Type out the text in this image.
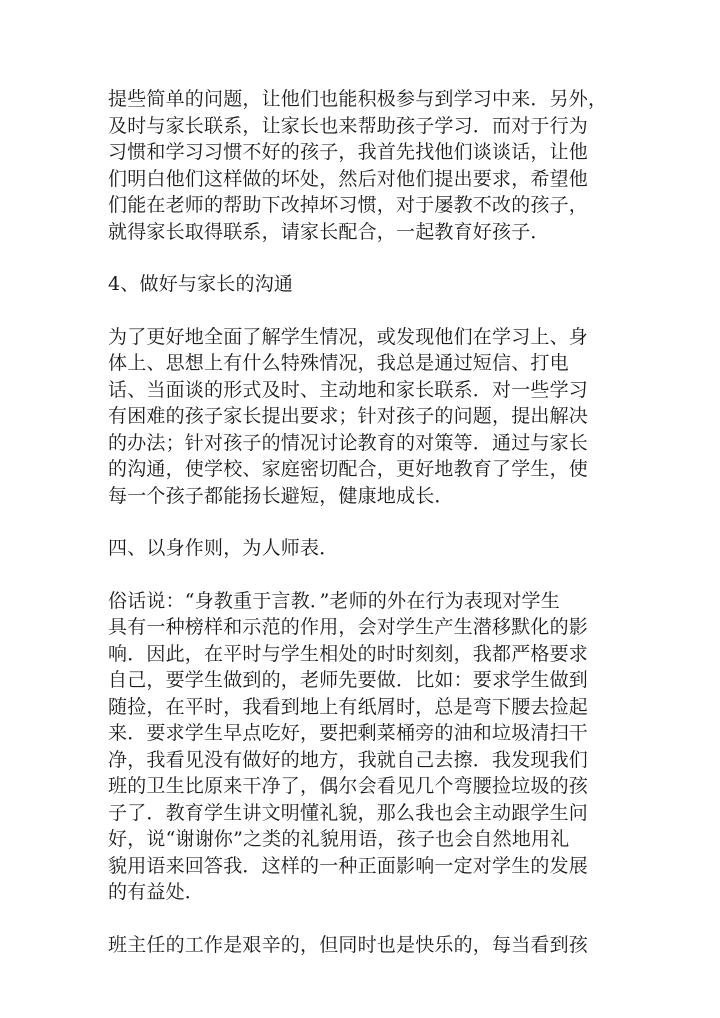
提些简单的问题，让他们也能积极参与到学习中来．另外，
及时与家长联系，让家长也来帮助孩子学习．而对于行为
习惯和学习习惯不好的孩子，我首先找他们谈谈话，让他
们明白他们这样做的坏处，然后对他们提出要求，希望他
们能在老师的帮助下改掉坏习惯，对于屡教不改的孩子，
就得家长取得联系，请家长配合，一起教育好孩子．

4、做好与家长的沟通

为了更好地全面了解学生情况，或发现他们在学习上、身
体上、思想上有什么特殊情况，我总是通过短信、打电
话、当面谈的形式及时、主动地和家长联系．对一些学习
有困难的孩子家长提出要求；针对孩子的问题，提出解决
的办法；针对孩子的情况讨论教育的对策等．通过与家长
的沟通，使学校、家庭密切配合，更好地教育了学生，使
每一个孩子都能扬长避短，健康地成长．

四、以身作则，为人师表．

俗话说：“身教重于言教．”老师的外在行为表现对学生
具有一种榜样和示范的作用，会对学生产生潜移默化的影
响．因此，在平时与学生相处的时时刻刻，我都严格要求
自己，要学生做到的，老师先要做．比如：要求学生做到
随捡，在平时，我看到地上有纸屑时，总是弯下腰去捡起
来．要求学生早点吃好，要把剩菜桶旁的油和垃圾清扫干
净，我看见没有做好的地方，我就自己去擦．我发现我们
班的卫生比原来干净了，偶尔会看见几个弯腰捡垃圾的孩
子了．教育学生讲文明懂礼貌，那么我也会主动跟学生问
好，说“谢谢你”之类的礼貌用语，孩子也会自然地用礼
貌用语来回答我．这样的一种正面影响一定对学生的发展
的有益处．

班主任的工作是艰辛的，但同时也是快乐的，每当看到孩
